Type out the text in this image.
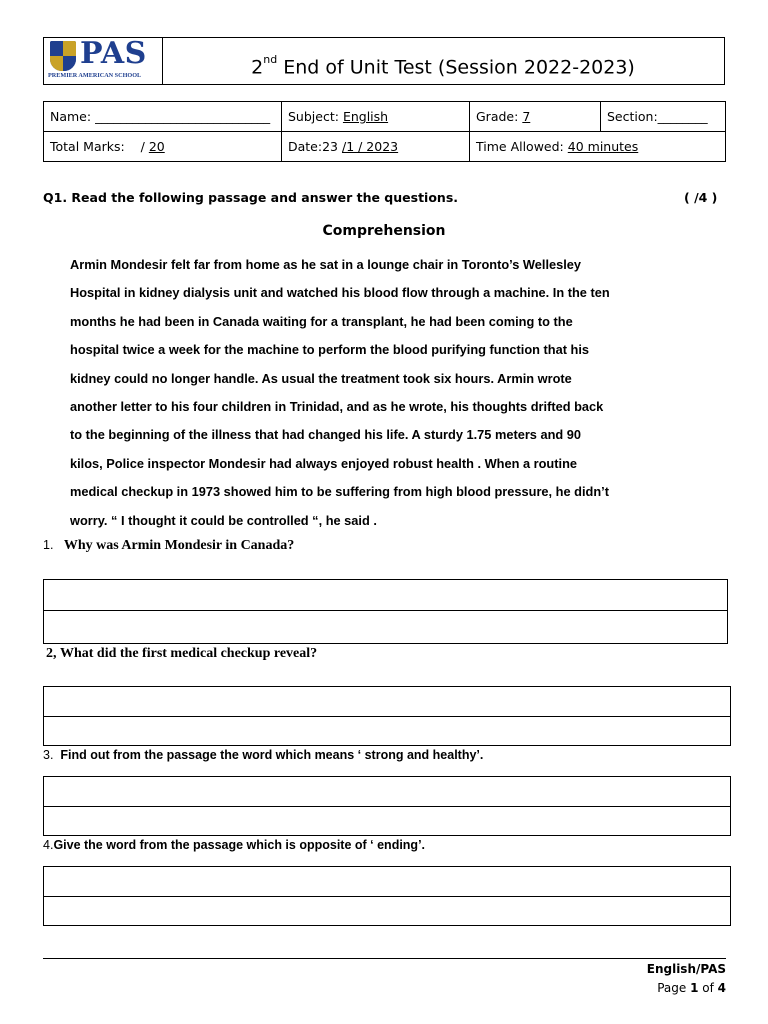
PAS
PREMIER AMERICAN SCHOOL	2nd End of Unit Test (Session 2022-2023)
Name: ____________________________	Subject: English	Grade: 7	Section:________
Total Marks: / 20	Date:23 /1 / 2023	Time Allowed: 40 minutes	
Q1. Read the following passage and answer the questions.	( /4 )
Comprehension
Armin Mondesir felt far from home as he sat in a lounge chair in Toronto’s Wellesley
Hospital in kidney dialysis unit and watched his blood flow through a machine. In the ten
months he had been in Canada waiting for a transplant, he had been coming to the
hospital twice a week for the machine to perform the blood purifying function that his
kidney could no longer handle. As usual the treatment took six hours. Armin wrote
another letter to his four children in Trinidad, and as he wrote, his thoughts drifted back
to the beginning of the illness that had changed his life. A sturdy 1.75 meters and 90
kilos, Police inspector Mondesir had always enjoyed robust health . When a routine
medical checkup in 1973 showed him to be suffering from high blood pressure, he didn’t
worry. “ I thought it could be controlled “, he said .
1. Why was Armin Mondesir in Canada?
2, What did the first medical checkup reveal?
3. Find out from the passage the word which means ‘ strong and healthy’.
4.Give the word from the passage which is opposite of ‘ ending’.
English/PAS
Page 1 of 4
